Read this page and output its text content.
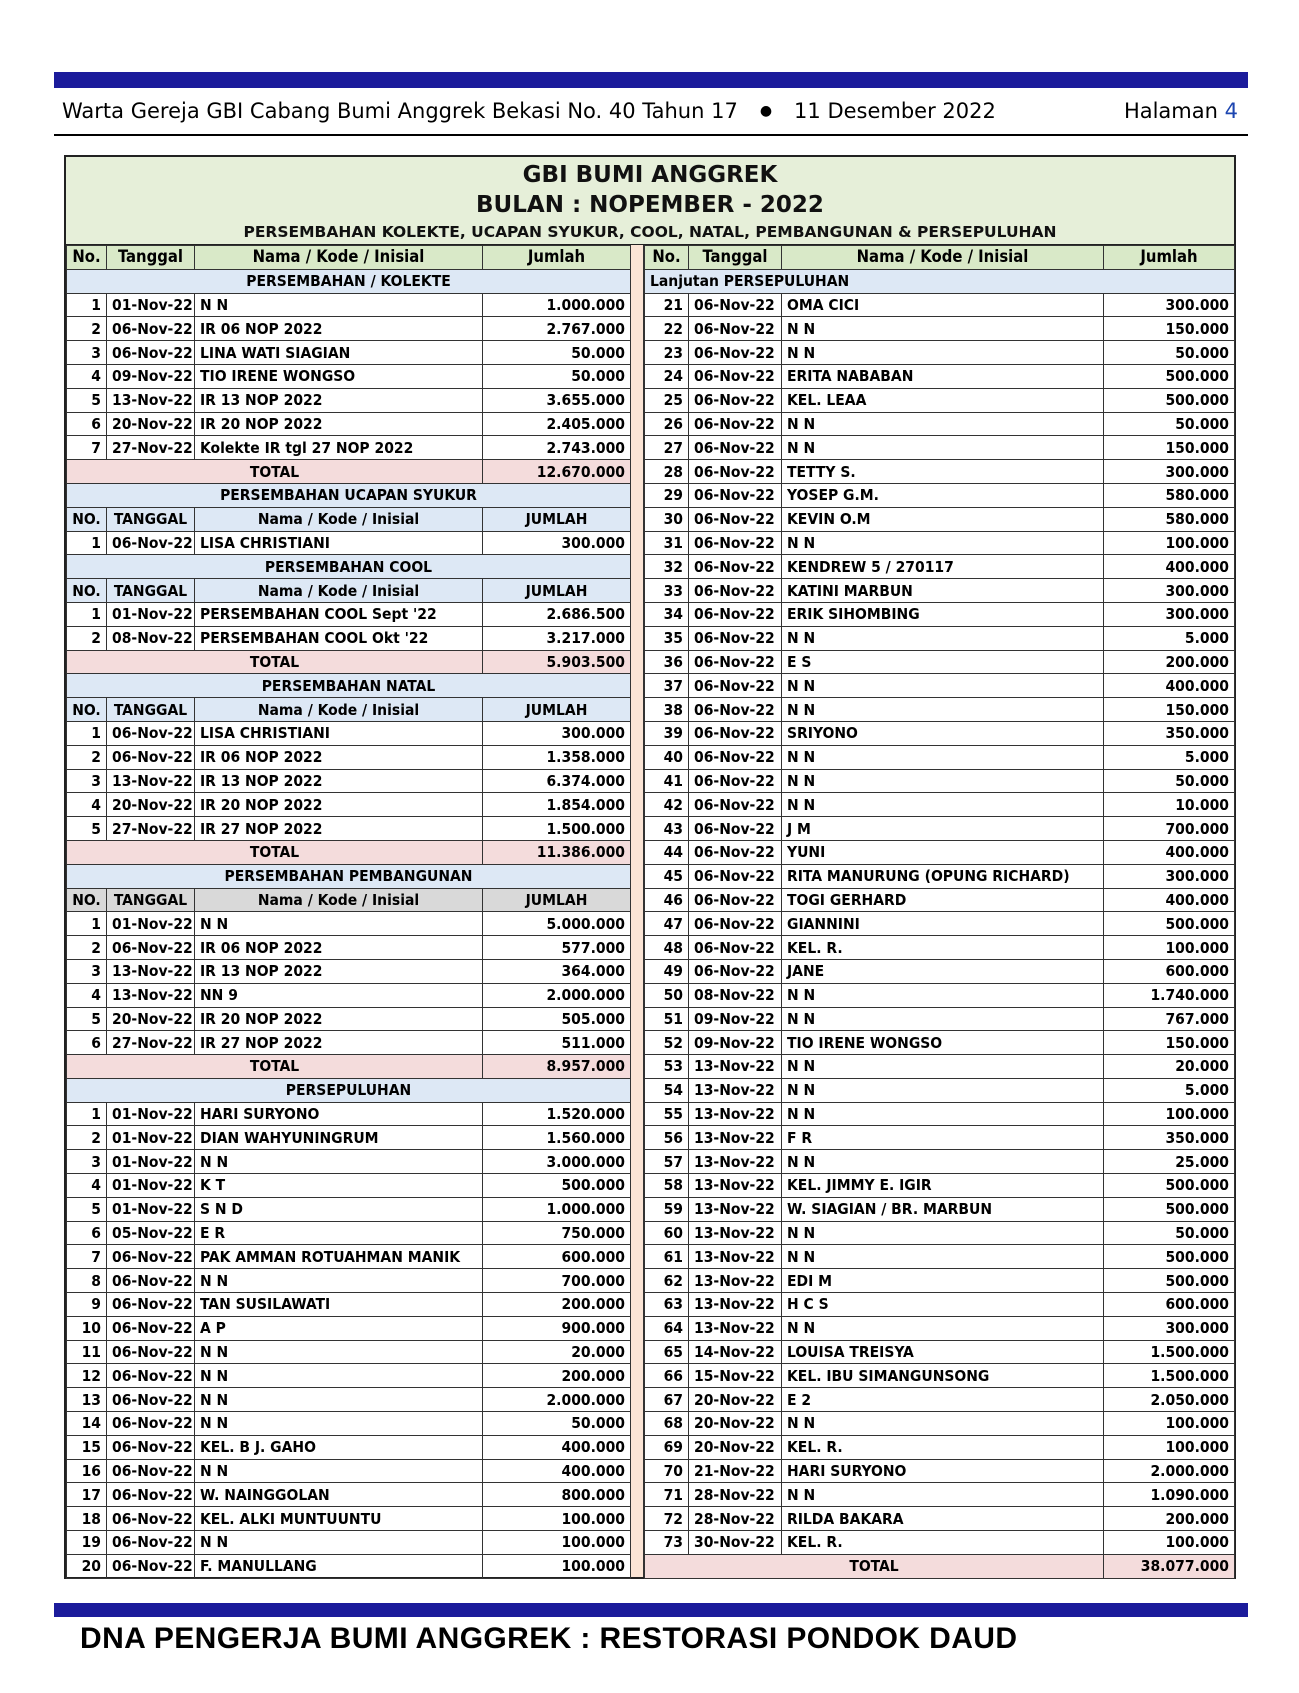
Warta Gereja GBI Cabang Bumi Anggrek Bekasi No. 40 Tahun 17 ● 11 Desember 2022	Halaman 4
GBI BUMI ANGGREK
BULAN : NOPEMBER - 2022
PERSEMBAHAN KOLEKTE, UCAPAN SYUKUR, COOL, NATAL, PEMBANGUNAN & PERSEPULUHAN
No.	Tanggal	Nama / Kode / Inisial	Jumlah
PERSEMBAHAN / KOLEKTE			
1	01-Nov-22	N N	1.000.000
2	06-Nov-22	IR 06 NOP 2022	2.767.000
3	06-Nov-22	LINA WATI SIAGIAN	50.000
4	09-Nov-22	TIO IRENE WONGSO	50.000
5	13-Nov-22	IR 13 NOP 2022	3.655.000
6	20-Nov-22	IR 20 NOP 2022	2.405.000
7	27-Nov-22	Kolekte IR tgl 27 NOP 2022	2.743.000
TOTAL			12.670.000
PERSEMBAHAN UCAPAN SYUKUR			
NO.	TANGGAL	Nama / Kode / Inisial	JUMLAH
1	06-Nov-22	LISA CHRISTIANI	300.000
PERSEMBAHAN COOL			
NO.	TANGGAL	Nama / Kode / Inisial	JUMLAH
1	01-Nov-22	PERSEMBAHAN COOL Sept '22	2.686.500
2	08-Nov-22	PERSEMBAHAN COOL Okt '22	3.217.000
TOTAL			5.903.500
PERSEMBAHAN NATAL			
NO.	TANGGAL	Nama / Kode / Inisial	JUMLAH
1	06-Nov-22	LISA CHRISTIANI	300.000
2	06-Nov-22	IR 06 NOP 2022	1.358.000
3	13-Nov-22	IR 13 NOP 2022	6.374.000
4	20-Nov-22	IR 20 NOP 2022	1.854.000
5	27-Nov-22	IR 27 NOP 2022	1.500.000
TOTAL			11.386.000
PERSEMBAHAN PEMBANGUNAN			
NO.	TANGGAL	Nama / Kode / Inisial	JUMLAH
1	01-Nov-22	N N	5.000.000
2	06-Nov-22	IR 06 NOP 2022	577.000
3	13-Nov-22	IR 13 NOP 2022	364.000
4	13-Nov-22	NN 9	2.000.000
5	20-Nov-22	IR 20 NOP 2022	505.000
6	27-Nov-22	IR 27 NOP 2022	511.000
TOTAL			8.957.000
PERSEPULUHAN			
1	01-Nov-22	HARI SURYONO	1.520.000
2	01-Nov-22	DIAN WAHYUNINGRUM	1.560.000
3	01-Nov-22	N N	3.000.000
4	01-Nov-22	K T	500.000
5	01-Nov-22	S N D	1.000.000
6	05-Nov-22	E R	750.000
7	06-Nov-22	PAK AMMAN ROTUAHMAN MANIK	600.000
8	06-Nov-22	N N	700.000
9	06-Nov-22	TAN SUSILAWATI	200.000
10	06-Nov-22	A P	900.000
11	06-Nov-22	N N	20.000
12	06-Nov-22	N N	200.000
13	06-Nov-22	N N	2.000.000
14	06-Nov-22	N N	50.000
15	06-Nov-22	KEL. B J. GAHO	400.000
16	06-Nov-22	N N	400.000
17	06-Nov-22	W. NAINGGOLAN	800.000
18	06-Nov-22	KEL. ALKI MUNTUUNTU	100.000
19	06-Nov-22	N N	100.000
20	06-Nov-22	F. MANULLANG	100.000
No.	Tanggal	Nama / Kode / Inisial	Jumlah
Lanjutan PERSEPULUHAN			
21	06-Nov-22	OMA CICI	300.000
22	06-Nov-22	N N	150.000
23	06-Nov-22	N N	50.000
24	06-Nov-22	ERITA NABABAN	500.000
25	06-Nov-22	KEL. LEAA	500.000
26	06-Nov-22	N N	50.000
27	06-Nov-22	N N	150.000
28	06-Nov-22	TETTY S.	300.000
29	06-Nov-22	YOSEP G.M.	580.000
30	06-Nov-22	KEVIN O.M	580.000
31	06-Nov-22	N N	100.000
32	06-Nov-22	KENDREW 5 / 270117	400.000
33	06-Nov-22	KATINI MARBUN	300.000
34	06-Nov-22	ERIK SIHOMBING	300.000
35	06-Nov-22	N N	5.000
36	06-Nov-22	E S	200.000
37	06-Nov-22	N N	400.000
38	06-Nov-22	N N	150.000
39	06-Nov-22	SRIYONO	350.000
40	06-Nov-22	N N	5.000
41	06-Nov-22	N N	50.000
42	06-Nov-22	N N	10.000
43	06-Nov-22	J M	700.000
44	06-Nov-22	YUNI	400.000
45	06-Nov-22	RITA MANURUNG (OPUNG RICHARD)	300.000
46	06-Nov-22	TOGI GERHARD	400.000
47	06-Nov-22	GIANNINI	500.000
48	06-Nov-22	KEL. R.	100.000
49	06-Nov-22	JANE	600.000
50	08-Nov-22	N N	1.740.000
51	09-Nov-22	N N	767.000
52	09-Nov-22	TIO IRENE WONGSO	150.000
53	13-Nov-22	N N	20.000
54	13-Nov-22	N N	5.000
55	13-Nov-22	N N	100.000
56	13-Nov-22	F R	350.000
57	13-Nov-22	N N	25.000
58	13-Nov-22	KEL. JIMMY E. IGIR	500.000
59	13-Nov-22	W. SIAGIAN / BR. MARBUN	500.000
60	13-Nov-22	N N	50.000
61	13-Nov-22	N N	500.000
62	13-Nov-22	EDI M	500.000
63	13-Nov-22	H C S	600.000
64	13-Nov-22	N N	300.000
65	14-Nov-22	LOUISA TREISYA	1.500.000
66	15-Nov-22	KEL. IBU SIMANGUNSONG	1.500.000
67	20-Nov-22	E 2	2.050.000
68	20-Nov-22	N N	100.000
69	20-Nov-22	KEL. R.	100.000
70	21-Nov-22	HARI SURYONO	2.000.000
71	28-Nov-22	N N	1.090.000
72	28-Nov-22	RILDA BAKARA	200.000
73	30-Nov-22	KEL. R.	100.000
TOTAL			38.077.000
DNA PENGERJA BUMI ANGGREK : RESTORASI PONDOK DAUD
